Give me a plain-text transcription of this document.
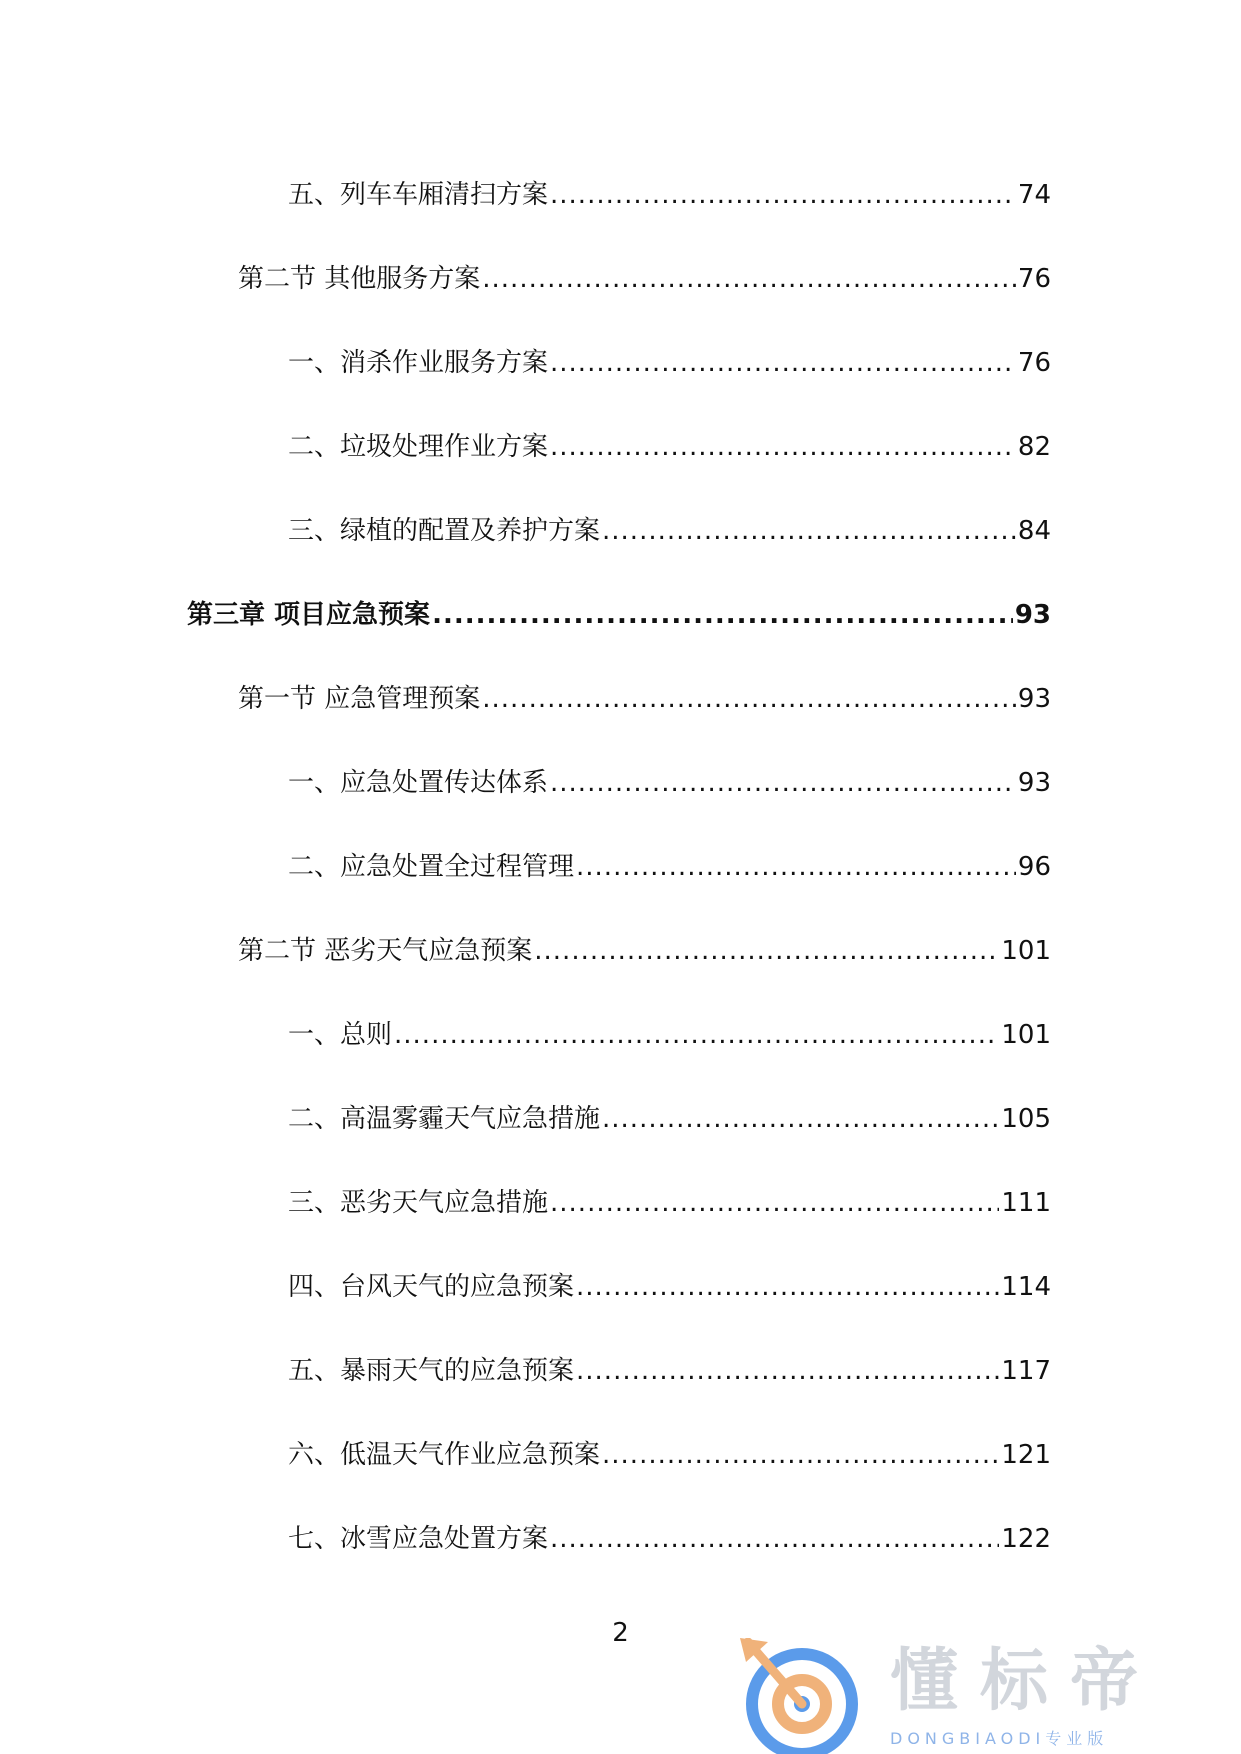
五、列车车厢清扫方案 .....	74
第二节 其他服务方案 .....	76
一、消杀作业服务方案 .....	76
二、垃圾处理作业方案 .....	82
三、绿植的配置及养护方案 .....	84
第三章 项目应急预案 .....	93
第一节 应急管理预案 .....	93
一、应急处置传达体系 .....	93
二、应急处置全过程管理 .....	96
第二节 恶劣天气应急预案 .....	101
一、总则 .....	101
二、高温雾霾天气应急措施 .....	105
三、恶劣天气应急措施 .....	111
四、台风天气的应急预案 .....	114
五、暴雨天气的应急预案 .....	117
六、低温天气作业应急预案 .....	121
七、冰雪应急处置方案 .....	122
2
懂标帝
DONGBIAODI专业版
